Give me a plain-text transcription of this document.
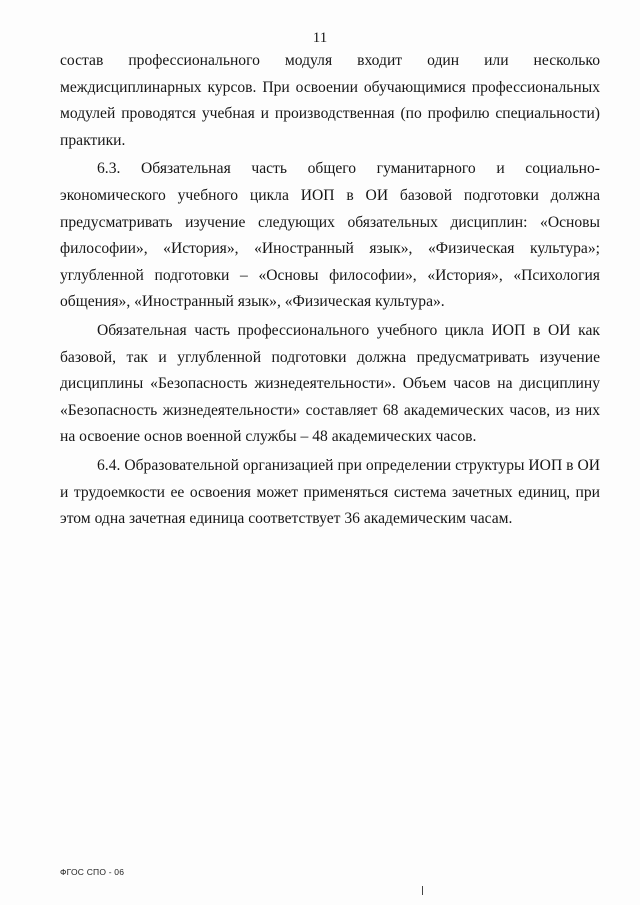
11

состав профессионального модуля входит один или несколько междисциплинарных курсов. При освоении обучающимися профессиональных модулей проводятся учебная и производственная (по профилю специальности) практики.

6.3. Обязательная часть общего гуманитарного и социально-экономического учебного цикла ИОП в ОИ базовой подготовки должна предусматривать изучение следующих обязательных дисциплин: «Основы философии», «История», «Иностранный язык», «Физическая культура»; углубленной подготовки – «Основы философии», «История», «Психология общения», «Иностранный язык», «Физическая культура».

Обязательная часть профессионального учебного цикла ИОП в ОИ как базовой, так и углубленной подготовки должна предусматривать изучение дисциплины «Безопасность жизнедеятельности». Объем часов на дисциплину «Безопасность жизнедеятельности» составляет 68 академических часов, из них на освоение основ военной службы – 48 академических часов.

6.4. Образовательной организацией при определении структуры ИОП в ОИ и трудоемкости ее освоения может применяться система зачетных единиц, при этом одна зачетная единица соответствует 36 академическим часам.

ФГОС СПО - 06
